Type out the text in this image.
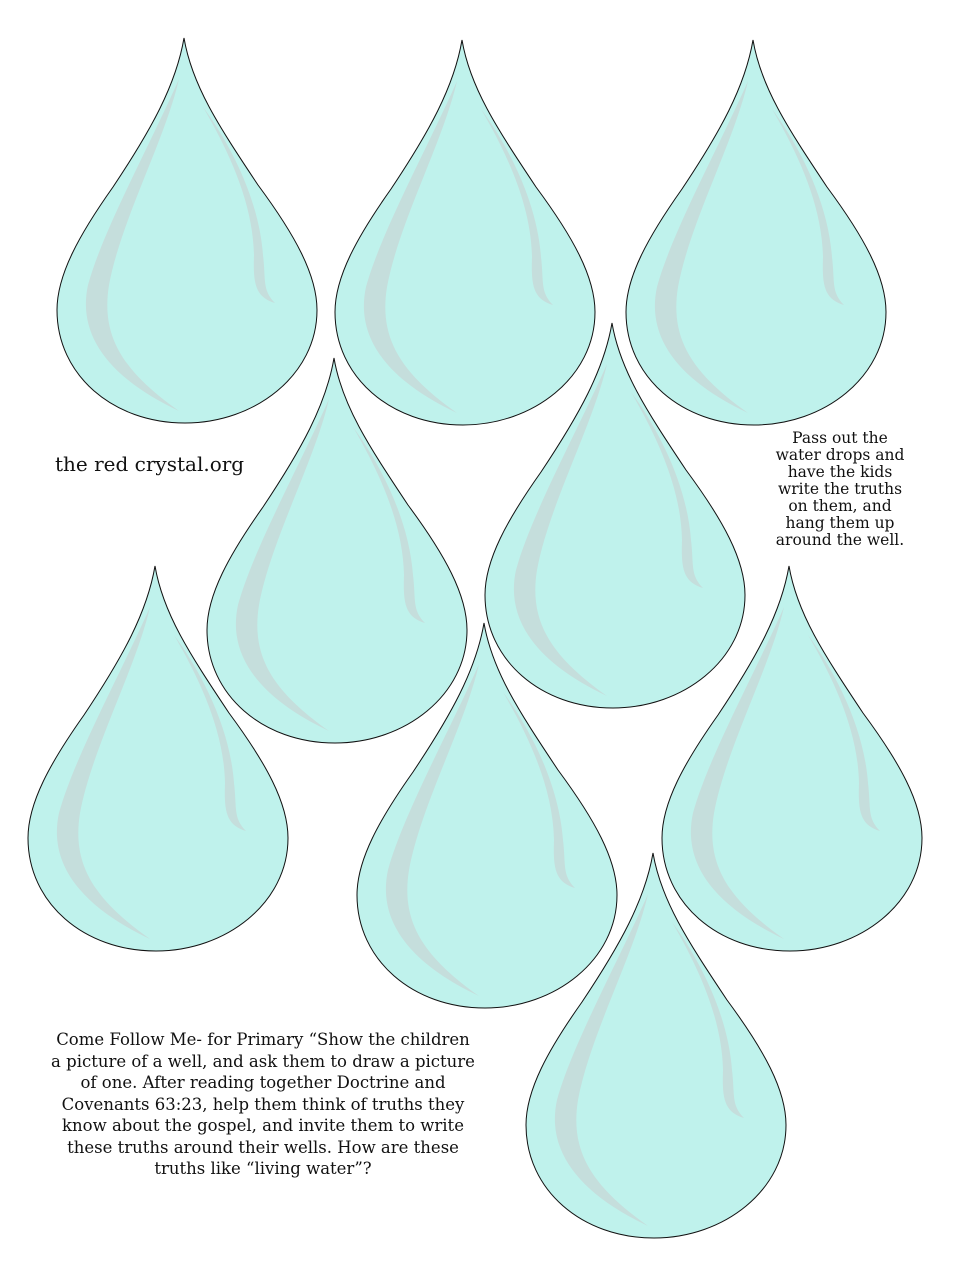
the red crystal.org
Pass out the
water drops and
have the kids
write the truths
on them, and
hang them up
around the well.
Come Follow Me- for Primary “Show the children
a picture of a well, and ask them to draw a picture
of one. After reading together Doctrine and
Covenants 63:23, help them think of truths they
know about the gospel, and invite them to write
these truths around their wells. How are these
truths like “living water”?
